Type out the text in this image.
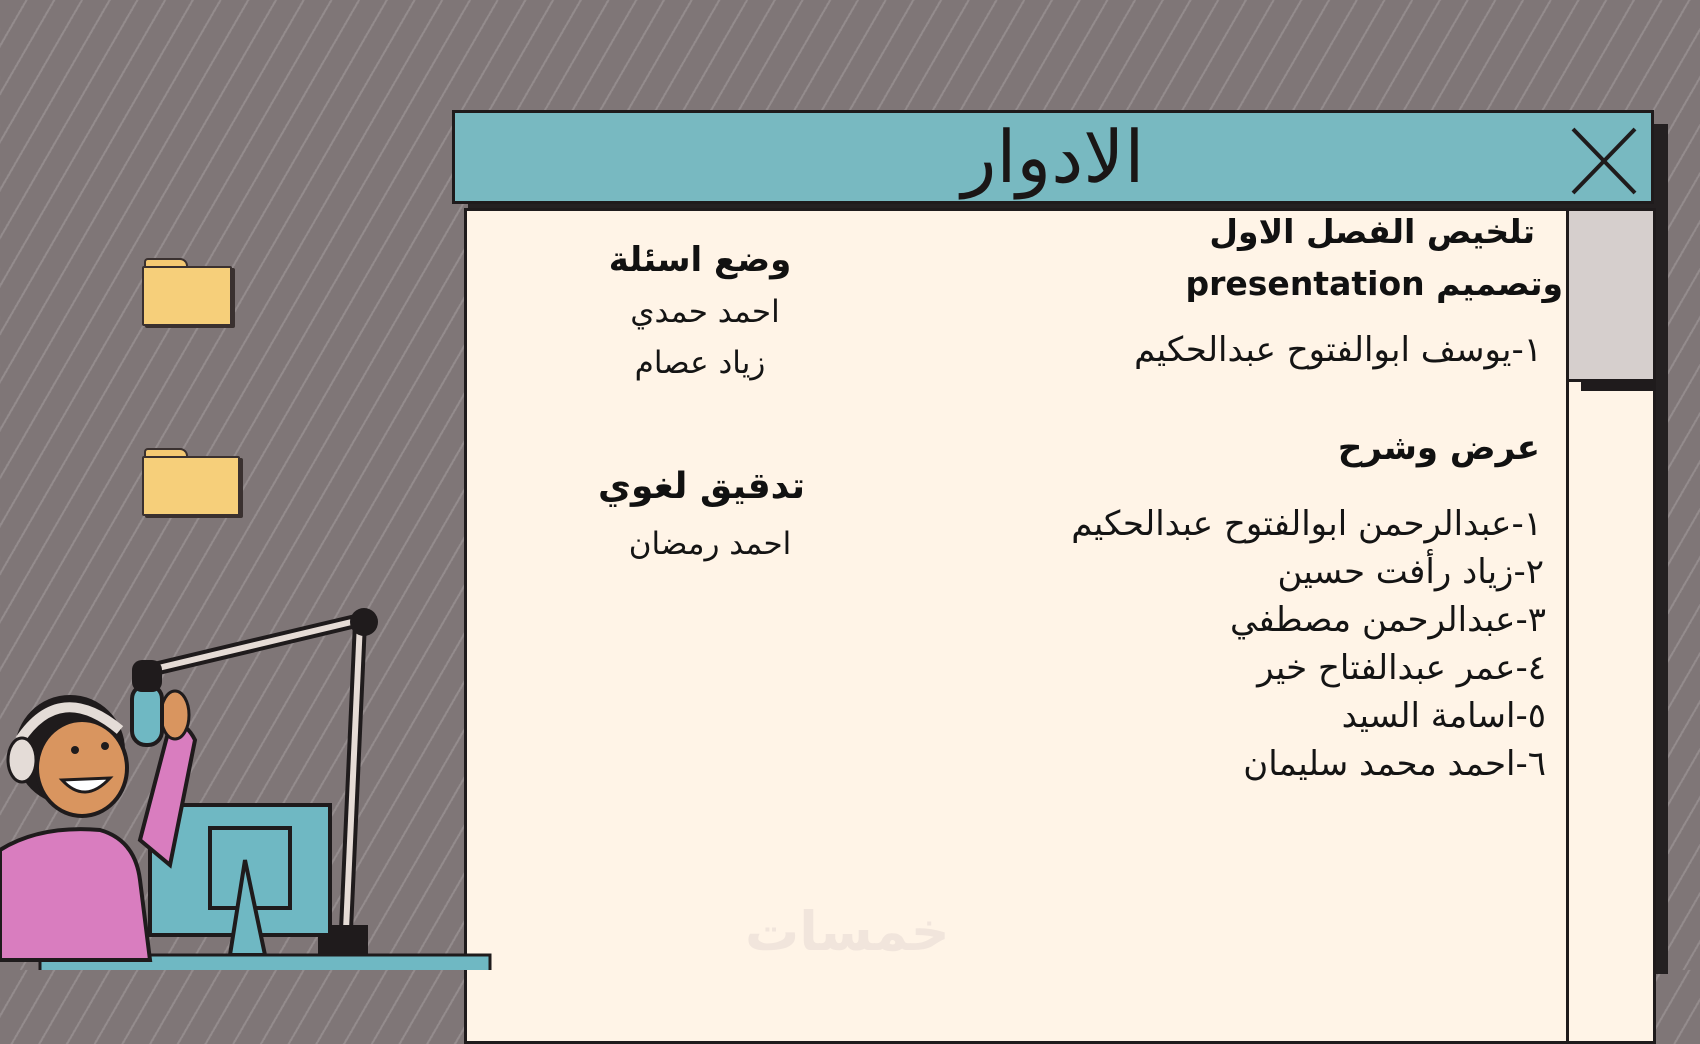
الادوار
تلخيص الفصل الاول
وتصميم presentation
١-يوسف ابوالفتوح عبدالحكيم
عرض وشرح
١-عبدالرحمن ابوالفتوح عبدالحكيم
٢-زياد رأفت حسين
٣-عبدالرحمن مصطفي
٤-عمر عبدالفتاح خير
٥-اسامة السيد
٦-احمد محمد سليمان
وضع اسئلة
احمد حمدي
زياد عصام
تدقيق لغوي
احمد رمضان
خمسات
